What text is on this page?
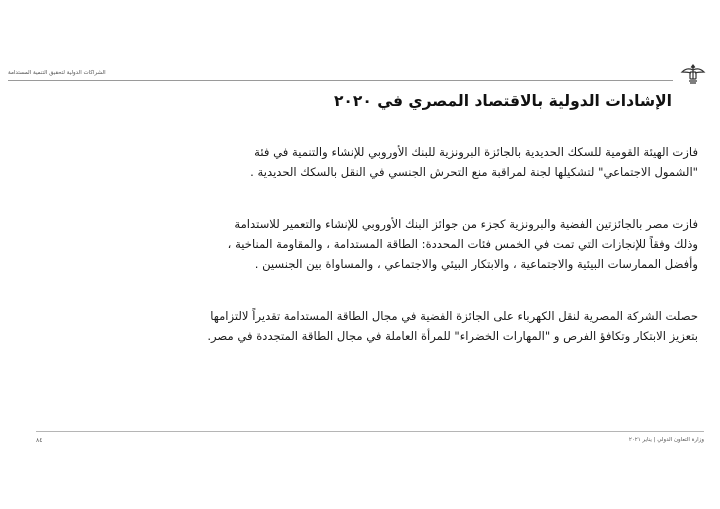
الشراكات الدولية لتحقيق التنمية المستدامة
الإشادات الدولية بالاقتصاد المصري في ٢٠٢٠

فازت الهيئة القومية للسكك الحديدية بالجائزة البرونزية للبنك الأوروبي للإنشاء والتنمية في فئة
"الشمول الاجتماعي" لتشكيلها لجنة لمراقبة منع التحرش الجنسي في النقل بالسكك الحديدية .

فازت مصر بالجائزتين الفضية والبرونزية كجزء من جوائز البنك الأوروبي للإنشاء والتعمير للاستدامة
وذلك وفقاً للإنجازات التي تمت في الخمس فئات المحددة: الطاقة المستدامة ، والمقاومة المناخية ،
وأفضل الممارسات البيئية والاجتماعية ، والابتكار البيئي والاجتماعي ، والمساواة بين الجنسين .

حصلت الشركة المصرية لنقل الكهرباء على الجائزة الفضية في مجال الطاقة المستدامة تقديراً لالتزامها
بتعزيز الابتكار وتكافؤ الفرص و "المهارات الخضراء" للمرأة العاملة في مجال الطاقة المتجددة في مصر.

٨٤	وزارة التعاون الدولي | يناير ٢٠٢١
